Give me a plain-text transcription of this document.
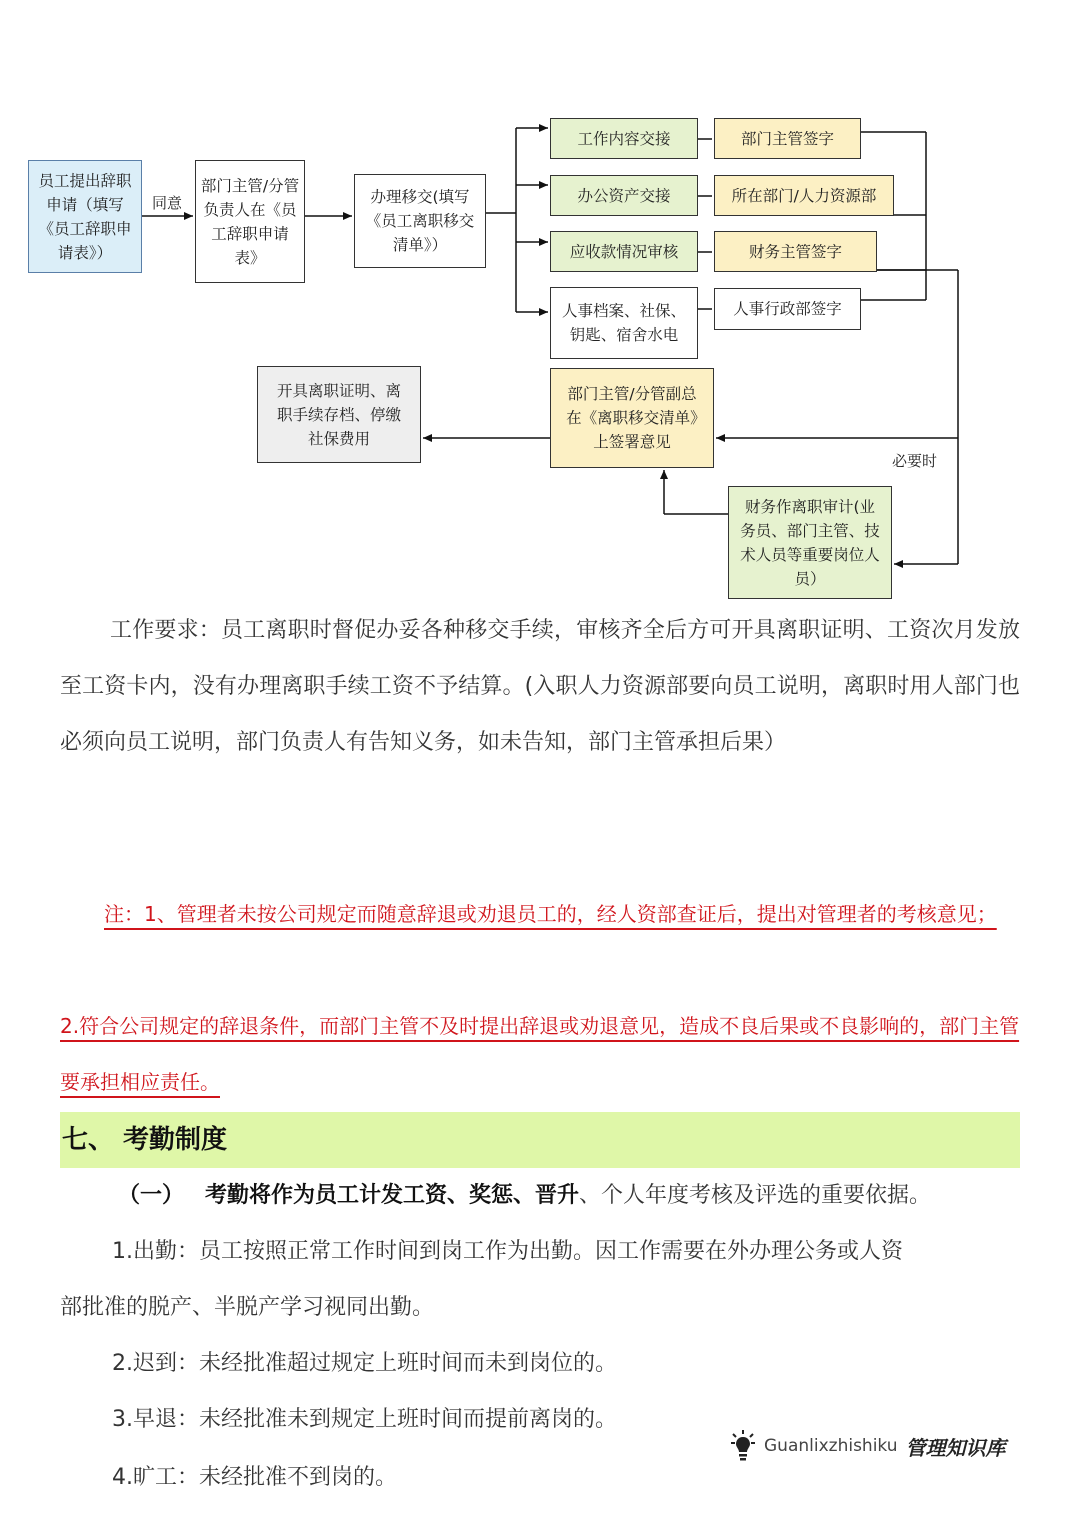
员工提出辞职申请（填写《员工辞职申请表》）
同意
部门主管/分管负责人在《员工辞职申请表》
办理移交(填写《员工离职移交清单》）
工作内容交接	部门主管签字
办公资产交接	所在部门/人力资源部
应收款情况审核	财务主管签字
人事档案、社保、钥匙、宿舍水电
人事行政部签字
部门主管/分管副总在《离职移交清单》上签署意见
开具离职证明、离职手续存档、停缴社保费用
必要时
财务作离职审计(业务员、部门主管、技术人员等重要岗位人员）

工作要求：员工离职时督促办妥各种移交手续，审核齐全后方可开具离职证明、工资次月发放至工资卡内，没有办理离职手续工资不予结算。(入职人力资源部要向员工说明，离职时用人部门也必须向员工说明，部门负责人有告知义务，如未告知，部门主管承担后果）

注：1、管理者未按公司规定而随意辞退或劝退员工的，经人资部查证后，提出对管理者的考核意见；

2.符合公司规定的辞退条件，而部门主管不及时提出辞退或劝退意见，造成不良后果或不良影响的，部门主管要承担相应责任。

七、 考勤制度

（一） 考勤将作为员工计发工资、奖惩、晋升、个人年度考核及评选的重要依据。

1.出勤：员工按照正常工作时间到岗工作为出勤。因工作需要在外办理公务或人资

部批准的脱产、半脱产学习视同出勤。

2.迟到：未经批准超过规定上班时间而未到岗位的。

3.早退：未经批准未到规定上班时间而提前离岗的。

4.旷工：未经批准不到岗的。

Guanlixzhishiku 管理知识库
